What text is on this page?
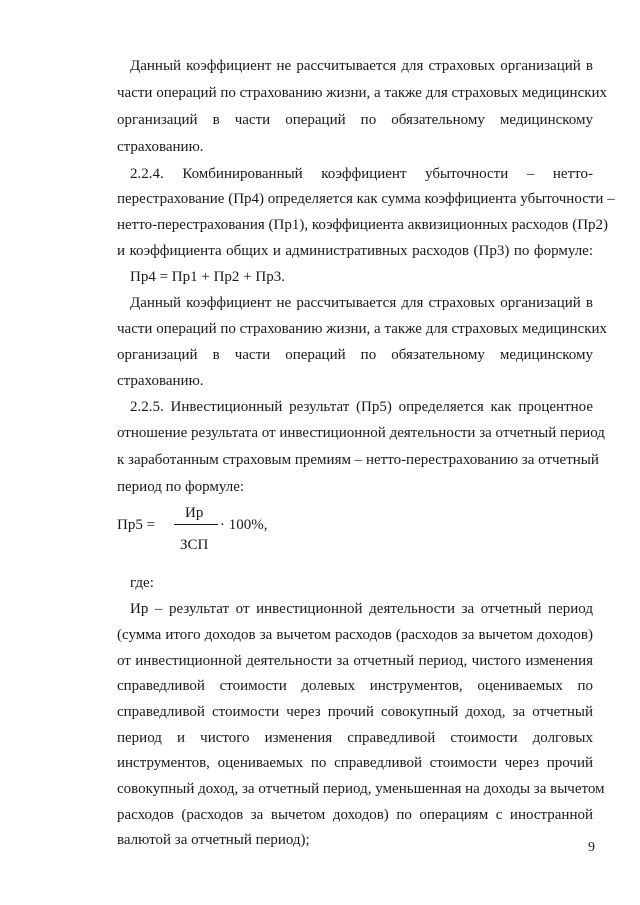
Данный коэффициент не рассчитывается для страховых организаций в
части операций по страхованию жизни, а также для страховых медицинских
организаций в части операций по обязательному медицинскому
страхованию.
2.2.4. Комбинированный коэффициент убыточности – нетто-
перестрахование (Пр4) определяется как сумма коэффициента убыточности –
нетто-перестрахования (Пр1), коэффициента аквизиционных расходов (Пр2)
и коэффициента общих и административных расходов (Пр3) по формуле:
Пр4 = Пр1 + Пр2 + Пр3.
Данный коэффициент не рассчитывается для страховых организаций в
части операций по страхованию жизни, а также для страховых медицинских
организаций в части операций по обязательному медицинскому
страхованию.
2.2.5. Инвестиционный результат (Пр5) определяется как процентное
отношение результата от инвестиционной деятельности за отчетный период
к заработанным страховым премиям – нетто-перестрахованию за отчетный
период по формуле:
Ир
Пр5 =	· 100%,
ЗСП
где:
Ир – результат от инвестиционной деятельности за отчетный период
(сумма итого доходов за вычетом расходов (расходов за вычетом доходов)
от инвестиционной деятельности за отчетный период, чистого изменения
справедливой стоимости долевых инструментов, оцениваемых по
справедливой стоимости через прочий совокупный доход, за отчетный
период и чистого изменения справедливой стоимости долговых
инструментов, оцениваемых по справедливой стоимости через прочий
совокупный доход, за отчетный период, уменьшенная на доходы за вычетом
расходов (расходов за вычетом доходов) по операциям с иностранной
валютой за отчетный период);	9
